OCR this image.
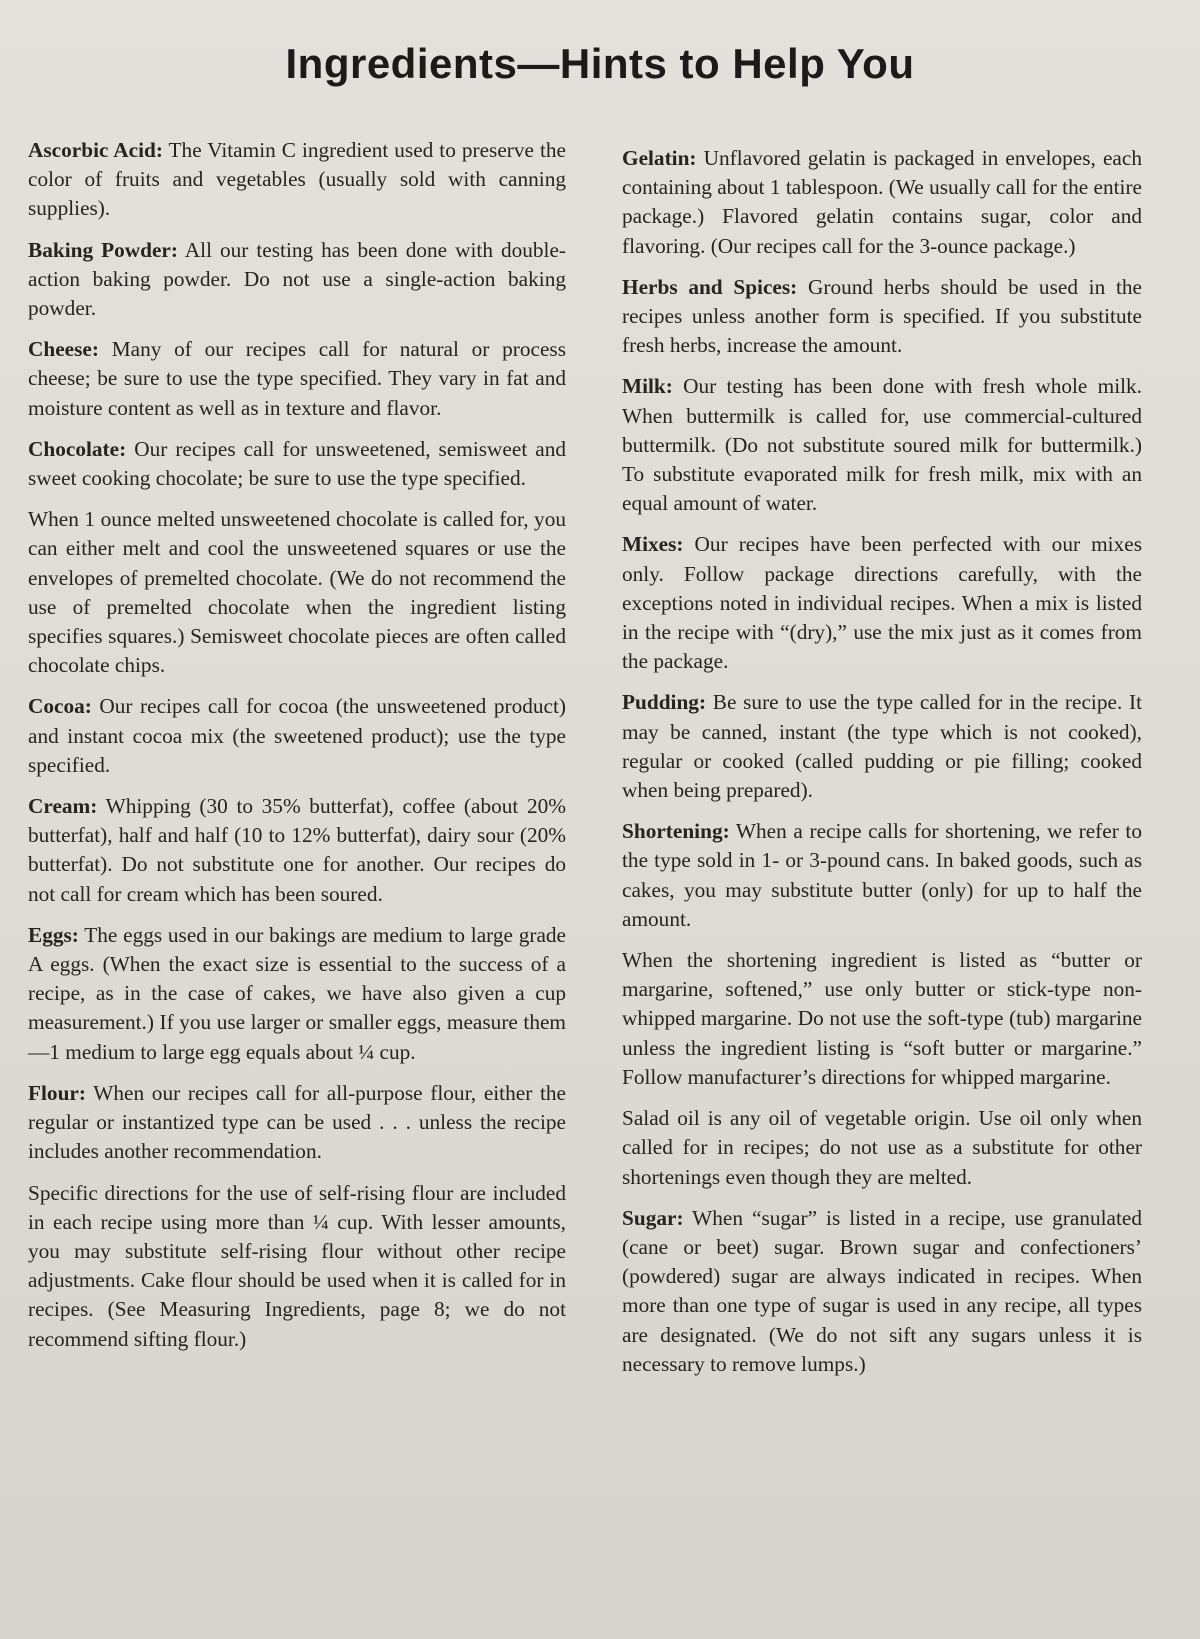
Ingredients—Hints to Help You

Ascorbic Acid: The Vitamin C ingredient used to preserve the color of fruits and vegetables (usually sold with canning supplies).

Baking Powder: All our testing has been done with double-action baking powder. Do not use a single-action baking powder.

Cheese: Many of our recipes call for natural or process cheese; be sure to use the type specified. They vary in fat and moisture content as well as in texture and flavor.

Chocolate: Our recipes call for unsweetened, semisweet and sweet cooking chocolate; be sure to use the type specified.

When 1 ounce melted unsweetened chocolate is called for, you can either melt and cool the unsweetened squares or use the envelopes of premelted chocolate. (We do not recommend the use of premelted chocolate when the ingredient listing specifies squares.) Semisweet chocolate pieces are often called chocolate chips.

Cocoa: Our recipes call for cocoa (the unsweetened product) and instant cocoa mix (the sweetened product); use the type specified.

Cream: Whipping (30 to 35% butterfat), coffee (about 20% butterfat), half and half (10 to 12% butterfat), dairy sour (20% butterfat). Do not substitute one for another. Our recipes do not call for cream which has been soured.

Eggs: The eggs used in our bakings are medium to large grade A eggs. (When the exact size is essential to the success of a recipe, as in the case of cakes, we have also given a cup measurement.) If you use larger or smaller eggs, measure them—1 medium to large egg equals about ¼ cup.

Flour: When our recipes call for all-purpose flour, either the regular or instantized type can be used . . . unless the recipe includes another recommendation.

Specific directions for the use of self-rising flour are included in each recipe using more than ¼ cup. With lesser amounts, you may substitute self-rising flour without other recipe adjustments. Cake flour should be used when it is called for in recipes. (See Measuring Ingredients, page 8; we do not recommend sifting flour.)

Gelatin: Unflavored gelatin is packaged in envelopes, each containing about 1 tablespoon. (We usually call for the entire package.) Flavored gelatin contains sugar, color and flavoring. (Our recipes call for the 3-ounce package.)

Herbs and Spices: Ground herbs should be used in the recipes unless another form is specified. If you substitute fresh herbs, increase the amount.

Milk: Our testing has been done with fresh whole milk. When buttermilk is called for, use commercial-cultured buttermilk. (Do not substitute soured milk for buttermilk.) To substitute evaporated milk for fresh milk, mix with an equal amount of water.

Mixes: Our recipes have been perfected with our mixes only. Follow package directions carefully, with the exceptions noted in individual recipes. When a mix is listed in the recipe with “(dry),” use the mix just as it comes from the package.

Pudding: Be sure to use the type called for in the recipe. It may be canned, instant (the type which is not cooked), regular or cooked (called pudding or pie filling; cooked when being prepared).

Shortening: When a recipe calls for shortening, we refer to the type sold in 1- or 3-pound cans. In baked goods, such as cakes, you may substitute butter (only) for up to half the amount.

When the shortening ingredient is listed as “butter or margarine, softened,” use only butter or stick-type non-whipped margarine. Do not use the soft-type (tub) margarine unless the ingredient listing is “soft butter or margarine.” Follow manufacturer’s directions for whipped margarine.

Salad oil is any oil of vegetable origin. Use oil only when called for in recipes; do not use as a substitute for other shortenings even though they are melted.

Sugar: When “sugar” is listed in a recipe, use granulated (cane or beet) sugar. Brown sugar and confectioners’ (powdered) sugar are always indicated in recipes. When more than one type of sugar is used in any recipe, all types are designated. (We do not sift any sugars unless it is necessary to remove lumps.)
